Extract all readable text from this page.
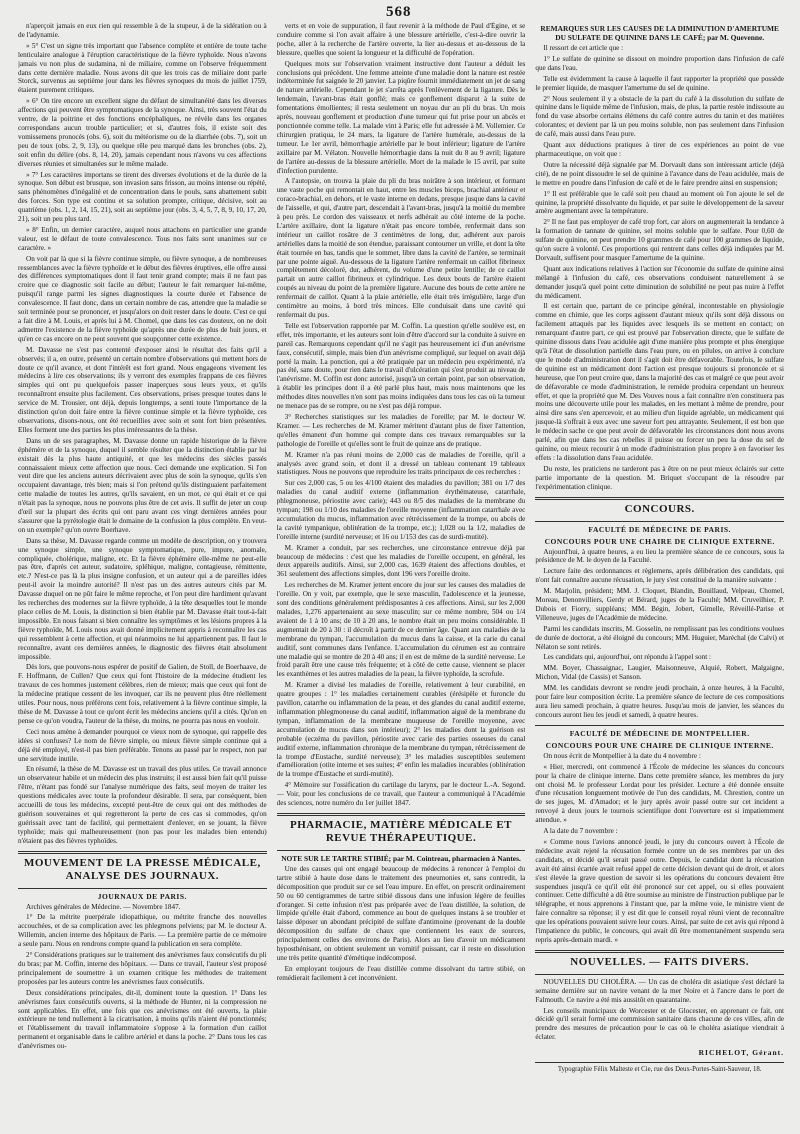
568

n'aperçoit jamais en eux rien qui ressemble à de la stupeur, à de la sidération ou à de l'adynamie.

» 5° C'est un signe très important que l'absence complète et entière de toute tache lenticulaire analogue à l'éruption caractéristique de la fièvre typhoïde. Nous n'avons jamais vu non plus de sudamina, ni de miliaire, comme on l'observe fréquemment dans cette dernière maladie. Nous avons dit que les trois cas de miliaire dont parle Storck, survenus au septième jour dans les fièvres synoques du mois de juillet 1759, étaient purement critiques.

» 6° On tire encore un excellent signe du défaut de simultanéité dans les diverses affections qui peuvent être symptomatiques de la synoque. Ainsi, très souvent l'état du ventre, de la poitrine et des fonctions encéphaliques, ne révèle dans les organes correspondans aucun trouble particulier; et si, d'autres fois, il existe soit des vomissemens pronocés (obs. 6), soit du météorisme ou de la diarrhée (obs. 7), soit un peu de toux (obs. 2, 9, 13), ou quelque rêle peu marqué dans les bronches (obs. 2), soit enfin du délire (obs. 8, 14, 20), jamais cependant nous n'avons vu ces affections diverses réunies et simultanées sur le même malade.

» 7° Les caractères importans se tirent des diverses évolutions et de la durée de la synoque. Son début est brusque, son invasion sans frisson, au moins intense ou répété, sans phénomènes d'inégalité et de concentration dans le pouls, sans abattement subit des forces. Son type est continu et sa solution prompte, critique, décisive, soit au quatrième (obs. 1, 2, 14, 15, 21), soit au septième jour (obs. 3, 4, 5, 7, 8, 9, 10, 17, 20, 21), soit un peu plus tard.

» 8° Enfin, un dernier caractère, auquel nous attachons en particulier une grande valeur, est le défaut de toute convalescence. Tous nos faits sont unanimes sur ce caractère. »

On voit par là que si la fièvre continue simple, ou fièvre synoque, a de nombreuses ressemblances avec la fièvre typhoïde et le début des fièvres éruptives, elle offre aussi des différences symptomatiques dont il faut tenir grand compte; mais il ne faut pas croire que ce diagnostic soit facile au début; l'auteur le fait remarquer lui-même, puisqu'il range parmi les signes diagnostiques la courte durée et l'absence de convalescence. Il faut donc, dans un certain nombre de cas, attendre que la maladie se soit terminée pour se prononcer, et jusqu'alors on doit rester dans le doute. C'est ce qui a fait dire à M. Louis, et après lui à M. Chomel, que dans les cas douteux, on ne doit admettre l'existence de la fièvre typhoïde qu'après une durée de plus de huit jours, et qu'en ce cas encore on ne peut souvent que soupçonner cette existence.

M. Davasse ne s'est pas contenté d'exposer ainsi le résultat des faits qu'il a observés; il a, en outre, présenté un certain nombre d'observations qui mettent hors de doute ce qu'il avance, et dont l'intérêt est fort grand. Nous engageons vivement les médecins à lire ces observations; ils y verront des exemples frappans de ces fièvres simples qui ont pu quelquefois passer inaperçues sous leurs yeux, et qu'ils reconnaîtront ensuite plus facilement. Ces observations, prises presque toutes dans le service de M. Trousier, ont déjà, depuis longtemps, a senti toute l'importance de la distinction qu'on doit faire entre la fièvre continue simple et la fièvre typhoïde, ces observations, disons-nous, ont été recueillies avec soin et sont fort bien présentées. Elles forment une des parties les plus intéressantes de la thèse.

Dans un de ses paragraphes, M. Davasse donne un rapide historique de la fièvre éphémère et de la synoque, duquel il semble résulter que la distinction établie par lui existait dès la plus haute antiquité, et que les médecins des siècles passés connaissaient mieux cette affection que nous. Ceci demande une explication. Si l'on veut dire que les anciens auteurs décrivaient avec plus de soin la synoque, qu'ils s'en occupaient davantage, très bien; mais si l'on prétend qu'ils distinguaient parfaitement cette maladie de toutes les autres, qu'ils savaient, en un mot, ce qui était et ce qui n'était pas la synoque, nous ne pouvons plus être de cet avis. Il suffit de jeter un coup d'œil sur la plupart des écrits qui ont paru avant ces vingt dernières années pour s'assurer que la pyrétologie était le domaine de la confusion la plus complète. En veut-on un exemple? qu'on ouvre Boerhave.

Dans sa thèse, M. Davasse regarde comme un modèle de description, on y trouvera une synoque simple, une synoque symptomatique, pure, impure, anomale, compliquée, cholérique, maligne, etc. Et la fièvre éphémère elle-même ne peut-elle pas être, d'après cet auteur, sudatoire, spléhique, maligne, contagieuse, rémittente, etc.? N'est-ce pas là la plus insigne confusion, et un auteur qui a de pareilles idées peut-il avoir la moindre autorité? Il n'est pas un des autres auteurs cités par M. Davasse duquel on ne pût faire le même reproche, et l'on peut dire hardiment qu'avant les recherches des modernes sur la fièvre typhoïde, à la tête desquelles tout le monde place celles de M. Louis, la distinction si bien établie par M. Davasse était tout-à-fait impossible. En nous faisant si bien connaître les symptômes et les lésions propres à la fièvre typhoïde, M. Louis nous avait donné implicitement appris à reconnaître les cas qui ressemblent à cette affection, et qui néanmoins ne lui appartiennent pas. Il faut le reconnaître, avant ces dernières années, le diagnostic des fièvres était absolument impossible.

Dès lors, que pouvons-nous espérer de positif de Galien, de Stoll, de Boerhaave, de F. Hoffmann, de Cullen? Que ceux qui font l'histoire de la médecine étudient les travaux de ces hommes justement célèbres, rien de mieux; mais que ceux qui font de la médecine pratique cessent de les invoquer, car ils ne peuvent plus être réellement utiles. Pour nous, nous préférons cent fois, relativement à la fièvre continue simple, la thèse de M. Davasse à tout ce qu'ont écrit les médecins anciens qu'il a cités. Qu'on en pense ce qu'on voudra, l'auteur de la thèse, du moins, ne pourra pas nous en vouloir.

Ceci nous amène à demander pourquoi ce vieux nom de synoque, qui rappelle des idées si confuses? Le nom de fièvre simple, ou mieux fièvre simple continue qui a déjà été employé, n'est-il pas bien préférable. Tenons au passé par le respect, non par une servitude inutile.

En résumé, la thèse de M. Davasse est un travail des plus utiles. Ce travail annonce un observateur habile et un médecin des plus instruits; il est aussi bien fait qu'il puisse l'être, n'étant pas fondé sur l'analyse numérique des faits, seul moyen de traiter les questions médicales avec toute la profondeur désirable. Il sera, par conséquent, bien accueilli de tous les médecins, excepté peut-être de ceux qui ont des méthodes de guérison souveraines et qui regretteront la perte de ces cas si commodes, qu'on guérissait avec tant de facilité, qui permettaient d'enlever, en se jouant, la fièvre typhoïde; mais qui malheureusement (non pas pour les malades bien entendu) n'étaient pas des fièvres typhoïdes.

MOUVEMENT DE LA PRESSE MÉDICALE, ANALYSE DES JOURNAUX.
JOURNAUX DE PARIS.

Archives générales de Médecine. — Novembre 1847.

1° De la métrite puerpérale idiopathique, ou métrite franche des nouvelles accouchées, et de sa complication avec les phlegmons pelviens; par M. le docteur A. Willemin, ancien interne des hôpitaux de Paris. — La première partie de ce mémoire a seule paru. Nous en rendrons compte quand la publication en sera complète.

2° Considérations pratiques sur le traitement des anévrismes faux consécutifs du pli du bras; par M. Coffin, interne des hôpitaux. — Dans ce travail, l'auteur s'est proposé principalement de soumettre à un examen critique les méthodes de traitement proposées par les auteurs contre les anévrismes faux consécutifs.

Deux considérations principales, dit-il, dominent toute la question. 1° Dans les anévrismes faux consécutifs ouverts, si la méthode de Hunter, ni la compression ne sont applicables. En effet, une fois que ces anévrismes ont été ouverts, la plaie extérieure ne tend nullement à la cicatrisation, à moins qu'ils n'aient été ponctionnés; et l'établissement du travail inflammatoire s'oppose à la formation d'un caillot permanent et organisable dans le calibre artériel et dans la poche. 2° Dans tous les cas d'anévrismes ou-

verts et en voie de suppuration, il faut revenir à la méthode de Paul d'Égine, et se conduire comme si l'on avait affaire à une blessure artérielle, c'est-à-dire ouvrir la poche, aller à la recherche de l'artère ouverte, la lier au-dessus et au-dessous de la blessure, quelles que soient la longueur et la difficulté de l'opération.

Quelques mots sur l'observation vraiment instructive dont l'auteur a déduit les conclusions qui précèdent. Une femme atteinte d'une maladie dont la nature est restée indéterminée fut saignée le 20 janvier. La piqûre fournit immédiatement un jet de sang de nature artérielle. Cependant le jet s'arrêta après l'enlèvement de la ligature. Dès le lendemain, l'avant-bras était gonflé; mais ce gonflement disparut à la suite de fomentations émollientes; il resta seulement un noyau dur au pli du bras. Un mois après, nouveau gonflement et production d'une tumeur qui fut prise pour un abcès et ponctionnée comme telle. La malade vint à Paris; elle fut adressée à M. Vollemier. Ce chirurgien pratiqua, le 24 mars, la ligature de l'artère humérale, au-dessus de la tumeur. Le 1er avril, hémorrhagie artérielle par le bout inférieur; ligature de l'artère axillaire par M. Vélaton. Nouvelle hémorrhagie dans la nuit du 8 au 9 avril; ligature de l'artère au-dessus de la blessure artérielle. Mort de la malade le 15 avril, par suite d'infection purulente.

A l'autopsie, on trouva la plaie du pli du bras noirâtre à son intérieur, et formant une vaste poche qui remontait en haut, entre les muscles biceps, brachial antérieur et coraco-brachial, en dehors, et le vaste interne en dedans, presque jusque dans la cavité de l'aisselle, et qui, d'autre part, descendait à l'avant-bras, jusqu'à la moitié du membre à peu près. Le cordon des vaisseaux et nerfs adhérait au côté interne de la poche. L'artère axillaire, dont la ligature n'était pas encore tombée, renfermait dans son intérieur un caillot rosâtre de 3 centimètres de long, dur, adhérent aux parois artérielles dans la moitié de son étendue, paraissant contourner un vrille, et dont la tête était tournée en bas, tandis que le sommet, libre dans la cavité de l'artère, se terminait par une pointe aiguë. Au-dessous de la ligature l'artère renfermait un caillot fibrineux complètement décoloré, dur, adhérent, du volume d'une petite lentille; de ce caillot partait un autre caillot fibrineux et cylindrique. Les deux bouts de l'artère étaient coupés au niveau du point de la première ligature. Aucune des bouts de cette artère ne renfermait de caillot. Quant à la plaie artérielle, elle était très irrégulière, large d'un centimètre au moins, à bord très minces. Elle conduisait dans une cavité qui renfermait du pus.

Telle est l'observation rapportée par M. Coffin. La question qu'elle soulève est, en effet, très importante, et les auteurs sont loin d'être d'accord sur la conduite à suivre en pareil cas. Remarquons cependant qu'il ne s'agit pas heureusement ici d'un anévrisme faux, consécutif, simple, mais bien d'un anévrisme compliqué, sur lequel on avait déjà porté la main. La ponction, qui a été pratiquée par un médecin peu expérimenté, n'a pas été, sans doute, pour rien dans le travail d'ulcération qui s'est produit au niveau de l'anévrisme. M. Coffin est donc autorisé, jusqu'à un certain point, par son observation, à établir les principes dont il a été parlé plus haut, mais nous maintenons que les méthodes dites nouvelles n'en sont pas moins indiquées dans tous les cas où la tumeur ne menace pas de se rompre, ou ne s'est pas déjà rompue.

3° Recherches statistiques sur les maladies de l'oreille; par M. le docteur W. Kramer. — Les recherches de M. Kramer méritent d'autant plus de fixer l'attention, qu'elles émanent d'un homme qui compte dans ces travaux remarquables sur la pathologie de l'oreille et qu'elles sont le fruit de quinze ans de pratique.

M. Kramer n'a pas réuni moins de 2,000 cas de maladies de l'oreille, qu'il a analysés avec grand soin, et dont il a dressé un tableau contenant 19 tableaux statistiques. Nous ne pouvons que reproduire les traits principaux de ces recherches :

Sur ces 2,000 cas, 5 ou les 4/100 étaient des maladies du pavillon; 381 ou 1/7 des maladies du canal auditif externe (inflammation érythémateuse, catarrhale, phlegmoneuse, périostite avec carie); 443 ou 8/5 des maladies de la membrane du tympan; 198 ou 1/10 des maladies de l'oreille moyenne (inflammation catarrhale avec accumulation du mucus, inflammation avec rétrécissement de la trompe, ou abcès de la cavité tympanique, oblitération de la trompe, etc.); 1,028 ou la 1/2, maladies de l'oreille interne (surdité nerveuse; et 16 ou 1/153 des cas de surdi-mutité).

M. Kramer a conduit, par ses recherches, une circonstance entrevue déjà par beaucoup de médecins : c'est que les maladies de l'oreille occupent, en général, les deux appareils auditifs. Ainsi, sur 2,000 cas, 1639 étaient des affections doubles, et 361 seulement des affections simples, dont 196 vers l'oreille droite.

Les recherches de M. Kramer jettent encore du jour sur les causes des maladies de l'oreille. On y voit, par exemple, que le sexe masculin, l'adolescence et la jeunesse, sont des conditions généralement prédisposantes à ces affections. Ainsi, sur les 2,000 malades, 1,276 appartenaient au sexe masculin; sur ce même nombre, 504 ou 1/4 avaient de 1 à 10 ans; de 10 à 20 ans, le nombre était un peu moins considérable. Il augmentait de 20 à 30 : il décroît à partir de ce dernier âge. Quant aux maladies de la membrane du tympan, l'accumulation du mucus dans la caisse, et la carie du canal auditif, sont communes dans l'enfance. L'accumulation du cérumen est au contraire une maladie qui se montre de 20 à 40 ans; il en est de même de la surdité nerveuse. Le froid paraît être une cause très fréquente; et à côté de cette cause, viennent se placer les exanthèmes et les autres maladies de la peau, la fièvre typhoïde, la scrofule.

M. Kramer a divisé les maladies de l'oreille, relativement à leur curabilité, en quatre groupes : 1° les maladies certainement curables (érésipèle et furoncle du pavillon, catarrhe ou inflammation de la peau, et des glandes du canal auditif externe, inflammation phlegmoneuse du canal auditif, inflammation aiguë de la membrane du tympan, inflammation de la membrane muqueuse de l'oreille moyenne, avec accumulation de mucus dans son intérieur); 2° les maladies dont la guérison est probable (eczéma du pavillon, périostite avec carie des parties osseuses du canal auditif externe, inflammation chronique de la membrane du tympan, rétrécissement de la trompe d'Eustache, surdité nerveuse); 3° les maladies susceptibles seulement d'amélioration (otite interne et ses suites; 4° enfin les maladies incurables (oblitération de la trompe d'Eustache et surdi-mutité).

4° Mémoire sur l'ossification du cartilage du larynx, par le docteur L.-A. Segond. — Voir, pour les conclusions de ce travail, que l'auteur a communiqué à l'Académie des sciences, notre numéro du 1er juillet 1847.

PHARMACIE, MATIÈRE MÉDICALE ET REVUE THÉRAPEUTIQUE.
NOTE SUR LE TARTRE STIBIÉ; par M. Cointreau, pharmacien à Nantes.

Une des causes qui ont engagé beaucoup de médecins à renoncer à l'emploi du tartre stibié à haute dose dans le traitement des pneumonies et, sans contredit, la décomposition que produit sur ce sel l'eau impure. En effet, on prescrit ordinairement 50 ou 60 centigrammes de tartre stibié dissous dans une infusion légère de feuilles d'oranger. Si cette infusion n'est pas préparée avec de l'eau distillée, la solution, de limpide qu'elle était d'abord, commence au bout de quelques instans à se troubler et laisse déposer un abondant précipité de sulfate d'antimoine (provenant de la double décomposition du sulfate de chaux que contiennent les eaux de sources, principalement celles des environs de Paris). Alors au lieu d'avoir un médicament hyposthénisant, on obtient seulement un vomitif puissant, car il reste en dissolution une très petite quantité d'émétique indécomposé.

En employant toujours de l'eau distillée comme dissolvant du tartre stibié, on remédierait facilement à cet inconvénient.

REMARQUES SUR LES CAUSES DE LA DIMINUTION D'AMERTUME DU SULFATE DE QUININE DANS LE CAFÉ; par M. Quevenne.

Il ressort de cet article que :

1° Le sulfate de quinine se dissout en moindre proportion dans l'infusion de café que dans l'eau.

Telle est évidemment la cause à laquelle il faut rapporter la propriété que possède le premier liquide, de masquer l'amertume du sel de quinine.

2° Nous seulement il y a obstacle de la part du café à la dissolution du sulfate de quinine dans le liquide même de l'infusion, mais, de plus, la partie restée indissoute au fond du vase absorbe certains élémens du café contre autres du tanin et des matières colorantes; et devient par là un peu moins soluble, non pas seulement dans l'infusion de café, mais aussi dans l'eau pure.

Quant aux déductions pratiques à tirer de ces expériences au point de vue pharmaceutique, on voit que :

Outre la nécessité déjà signalée par M. Dorvault dans son intéressant article (déjà cité), de ne point dissoudre le sel de quinine à l'avance dans de l'eau acidulée, mais de le mettre en poudre dans l'infusion de café et de le faire prendre ainsi en suspension;

1° Il est préférable que le café soit peu chaud au moment où l'on ajoute le sel de quinine, la propriété dissolvante du liquide, et par suite le développement de la saveur amère augmentant avec la température.

2° Il ne faut pas employer de café trop fort, car alors on augmenterait la tendance à la formation de tannate de quinine, sel moins soluble que le sulfate. Pour 0,60 de sulfate de quinine, on peut prendre 10 grammes de café pour 100 grammes de liquide, qu'on sucre à volonté. Ces proportions qui rentrent dans celles déjà indiquées par M. Dorvault, suffisent pour masquer l'amertume de la quinine.

Quant aux indications relatives à l'action sur l'économie du sulfate de quinine ainsi mélangé à l'infusion du café, ces observations conduisent naturellement à se demander jusqu'à quel point cette diminution de solubilité ne peut pas nuire à l'effet du médicament.

Il est certain que, partant de ce principe général, incontestable en physiologie comme en chimie, que les corps agissent d'autant mieux qu'ils sont déjà dissous ou facilement attaqués par les liquides avec lesquels ils se mettent en contact; on remarquant d'autre part, ce qui est prouvé par l'observation directe, que le sulfate de quinine dissous dans l'eau acidulée agit d'une manière plus prompte et plus énergique qu'à l'état de dissolution partielle dans l'eau pure, ou en pilules, on arrive à conclure que le mode d'administration dont il s'agit doit être défavorable. Toutefois, le sulfate de quinine est un médicament dont l'action est presque toujours si prononcée et si heureuse, que l'on peut croire que, dans la majorité des cas et malgré ce que peut avoir de défavorable ce mode d'administration, le remède produira cependant un heureux effet, et que la propriété que M. Des Vouves nous a fait connaître n'en constituera pas moins une découverte utile pour les malades, en les mettant à même de prendre, pour ainsi dire sans s'en apercevoir, et au milieu d'un liquide agréable, un médicament qui jusque-là s'offrait à eux avec une saveur fort peu attrayante. Seulement, il est bon que le médecin sache ce que peut avoir de défavorable les circonstances dont nous avons parlé, afin que dans les cas rebelles il puisse ou forcer un peu la dose du sel de quinine, ou mieux recourir à un mode d'administration plus propre à en favoriser les effets : la dissolution dans l'eau acidulée.

Du reste, les praticiens ne tarderont pas à être on ne peut mieux éclairés sur cette partie importante de la question. M. Briquet s'occupant de la résoudre par l'expérimentation clinique.

CONCOURS.
FACULTÉ DE MÉDECINE DE PARIS.
CONCOURS POUR UNE CHAIRE DE CLINIQUE EXTERNE.

Aujourd'hui, à quatre heures, a eu lieu la première séance de ce concours, sous la présidence de M. le doyen de la Faculté.

Lecture faite des ordonnances et règlemens, après délibération des candidats, qui n'ont fait connaître aucune récusation, le jury s'est constitué de la manière suivante :

M. Marjolin, président; MM. J. Cloquet, Blandin, Bouillaud, Velpeau, Chomel, Moreau, Denonvilliers, Gerdy et Bérard, juges de la Faculté; MM. Cruveilhier, P. Dubois et Fiorry, suppléans; MM. Bégin, Jobert, Gimelle, Réveillé-Parise et Villeneuve, juges de l'Académie de médecine.

Parmi les candidats inscrits, M. Gosselin, ne remplissant pas les conditions voulues de durée de doctorat, a été éloigné du concours; MM. Huguier, Maréchal (de Calvi) et Nélaton se sont retirés.

Les candidats qui, aujourd'hui, ont répondu à l'appel sont :

MM. Boyer, Chassaignac, Laugier, Maisonneuve, Alquié, Robert, Malgaigne, Michon, Vidal (de Cassis) et Sanson.

MM. les candidats devront se rendre jeudi prochain, à onze heures, à la Faculté, pour faire leur composition écrite. La première séance de lecture de ces compositions aura lieu samedi prochain, à quatre heures. Jusqu'au mois de janvier, les séances du concours auront lieu les jeudi et samedi, à quatre heures.

FACULTÉ DE MÉDECINE DE MONTPELLIER.
CONCOURS POUR UNE CHAIRE DE CLINIQUE INTERNE.

On nous écrit de Montpellier à la date du 4 novembre :

« Hier, mercredi, ont commencé à l'École de médecine les séances du concours pour la chaire de clinique interne. Dans cette première séance, les membres du jury ont choisi M. le professeur Lordat pour les présider. Lecture a été donnée ensuite d'une récusation longuement motivée de l'un des candidats, M. Chrestien, contre un de ses juges, M. d'Amador; et le jury après avoir passé outre sur cet incident a renvoyé à deux jours le tournois scientifique dont l'ouverture est si impatiemment attendue. »

A la date du 7 novembre :

« Comme nous l'avions annoncé jeudi, le jury du concours ouvert à l'École de médecine avait rejeté la récusation formée contre un de ses membres par un des candidats, et décidé qu'il serait passé outre. Depuis, le candidat dont la récusation avait été ainsi écartée avait refusé appel de cette décision devant qui de droit, et alors s'est élevée la grave question de savoir si les opérations du concours devaient être suspendues jusqu'à ce qu'il eût été prononcé sur cet appel, ou si elles pouvaient continuer. Cette difficulté a dû être soumise au ministre de l'instruction publique par le télégraphe, et nous apprenons à l'instant que, par la même voie, le ministre vient de faire connaître sa réponse; il y est dit que le conseil royal réuni vient de reconnaître que les opérations pouvaient suivre leur cours. Ainsi, par suite de cet avis qui répond à l'impatience du public, le concours, qui avait dû être momentanément suspendu sera repris après-demain mardi. »

NOUVELLES. — FAITS DIVERS.

NOUVELLES DU CHOLÉRA. — Un cas de choléra dit asiatique s'est déclaré la semaine dernière sur un navire venant de la mer Noire et à l'ancre dans le port de Falmouth. Ce navire a été mis aussitôt en quarantaine.

Les conseils municipaux de Worcester et de Glocester, en apprenant ce fait, ont décidé qu'il serait formé une commission sanitaire dans chacune de ces villes, afin de prendre des mesures de précaution pour le cas où le choléra asiatique viendrait à éclater.

RICHELOT, Gérant.
Typographie Félix Malteste et Cie, rue des Deux-Portes-Saint-Sauveur, 18.
